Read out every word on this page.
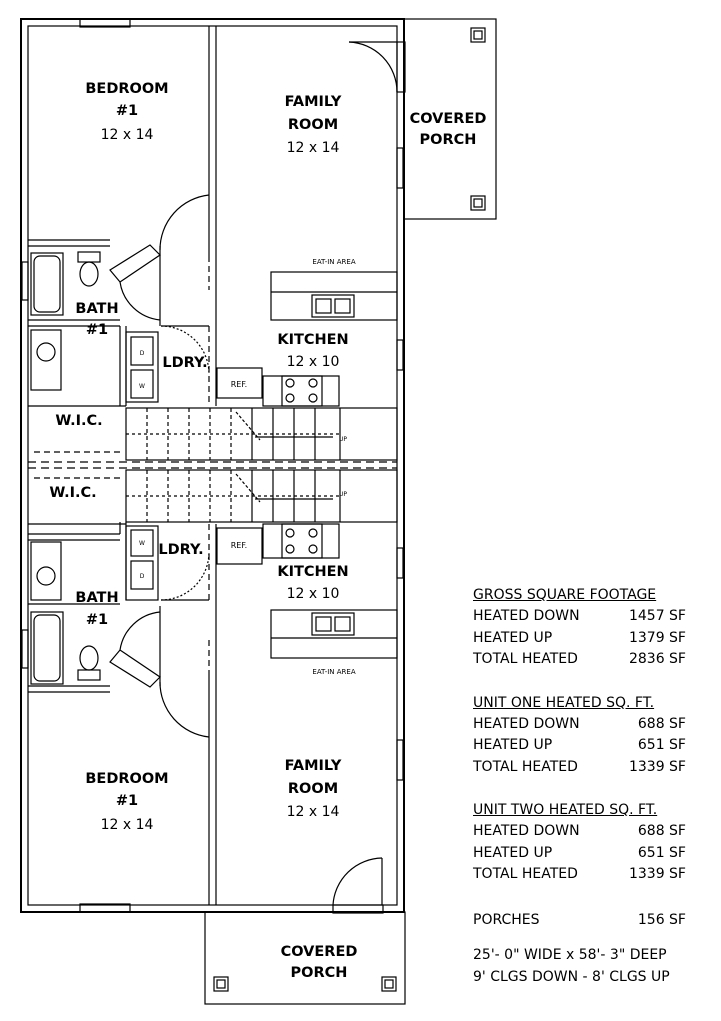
BEDROOM
#1
12 x 14
FAMILY
ROOM
12 x 14
COVERED
PORCH
EAT-IN AREA
BATH
#1
KITCHEN
12 x 10
LDRY.
REF.
D
W
W.I.C.
UP
W.I.C.	UP
LDRY.	REF.
W
D	KITCHEN
12 x 10
BATH
#1
EAT-IN AREA
BEDROOM
#1
12 x 14
FAMILY
ROOM
12 x 14
COVERED
PORCH
GROSS SQUARE FOOTAGE
HEATED DOWN	1457 SF
HEATED UP	1379 SF
TOTAL HEATED	2836 SF
UNIT ONE HEATED SQ. FT.
HEATED DOWN	688 SF
HEATED UP	651 SF
TOTAL HEATED	1339 SF
UNIT TWO HEATED SQ. FT.
HEATED DOWN	688 SF
HEATED UP	651 SF
TOTAL HEATED	1339 SF
PORCHES	156 SF
25'- 0" WIDE x 58'- 3" DEEP
9' CLGS DOWN - 8' CLGS UP
